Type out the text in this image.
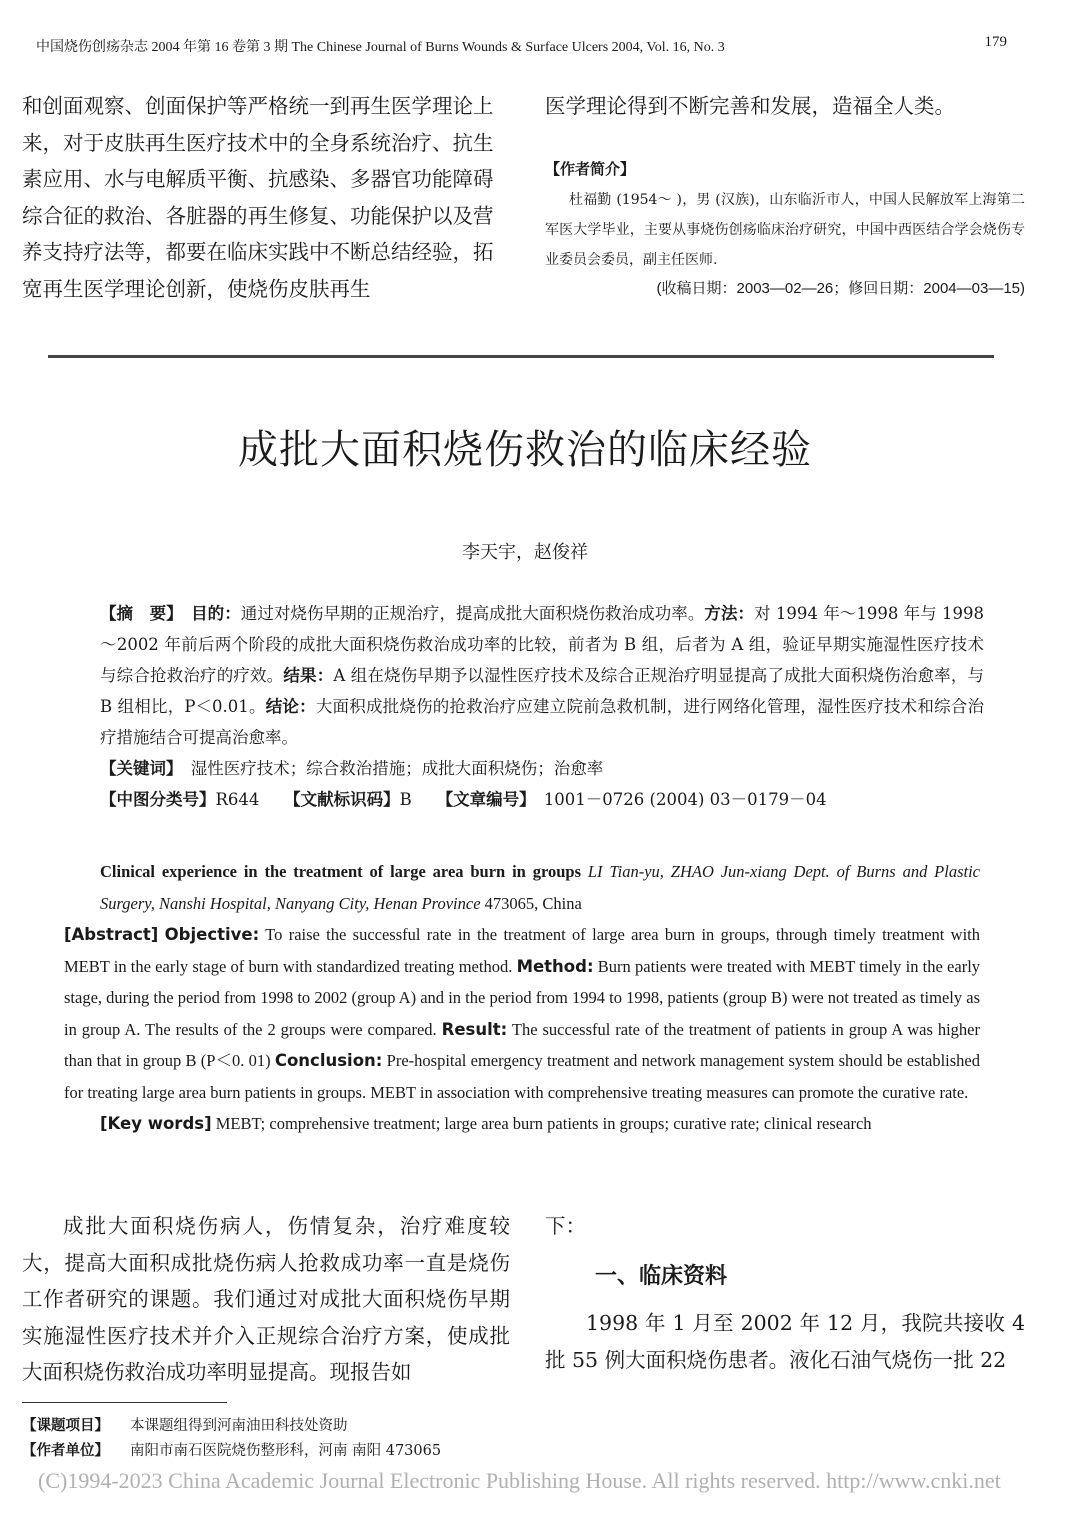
中国烧伤创疡杂志 2004 年第 16 卷第 3 期 The Chinese Journal of Burns Wounds & Surface Ulcers 2004, Vol. 16, No. 3	179

和创面观察、创面保护等严格统一到再生医学理论上来，对于皮肤再生医疗技术中的全身系统治疗、抗生素应用、水与电解质平衡、抗感染、多器官功能障碍综合征的救治、各脏器的再生修复、功能保护以及营养支持疗法等，都要在临床实践中不断总结经验，拓宽再生医学理论创新，使烧伤皮肤再生

医学理论得到不断完善和发展，造福全人类。

【作者简介】

杜福勤 (1954～ )，男 (汉族)，山东临沂市人，中国人民解放军上海第二军医大学毕业，主要从事烧伤创疡临床治疗研究，中国中西医结合学会烧伤专业委员会委员，副主任医师.

(收稿日期：2003—02—26；修回日期：2004—03—15)
成批大面积烧伤救治的临床经验
李天宇，赵俊祥

【摘　要】　 目的：通过对烧伤早期的正规治疗，提高成批大面积烧伤救治成功率。方法：对 1994 年～1998 年与 1998～2002 年前后两个阶段的成批大面积烧伤救治成功率的比较，前者为 B 组，后者为 A 组，验证早期实施湿性医疗技术与综合抢救治疗的疗效。结果：A 组在烧伤早期予以湿性医疗技术及综合正规治疗明显提高了成批大面积烧伤治愈率，与 B 组相比，P＜0.01。结论：大面积成批烧伤的抢救治疗应建立院前急救机制，进行网络化管理，湿性医疗技术和综合治疗措施结合可提高治愈率。

【关键词】　 湿性医疗技术；综合救治措施；成批大面积烧伤；治愈率

【中图分类号】R644　　 【文献标识码】B　　 【文章编号】　 1001－0726 (2004) 03－0179－04

Clinical experience in the treatment of large area burn in groups LI Tian-yu, ZHAO Jun-xiang Dept. of Burns and Plastic Surgery, Nanshi Hospital, Nanyang City, Henan Province 473065, China

[Abstract] Objective: To raise the successful rate in the treatment of large area burn in groups, through timely treatment with MEBT in the early stage of burn with standardized treating method. Method: Burn patients were treated with MEBT timely in the early stage, during the period from 1998 to 2002 (group A) and in the period from 1994 to 1998, patients (group B) were not treated as timely as in group A. The results of the 2 groups were compared. Result: The successful rate of the treatment of patients in group A was higher than that in group B (P＜0. 01) Conclusion: Pre-hospital emergency treatment and network management system should be established for treating large area burn patients in groups. MEBT in association with comprehensive treating measures can promote the curative rate.

[Key words] MEBT; comprehensive treatment; large area burn patients in groups; curative rate; clinical research

成批大面积烧伤病人，伤情复杂，治疗难度较大，提高大面积成批烧伤病人抢救成功率一直是烧伤工作者研究的课题。我们通过对成批大面积烧伤早期实施湿性医疗技术并介入正规综合治疗方案，使成批大面积烧伤救治成功率明显提高。现报告如

下：

一、临床资料

1998 年 1 月至 2002 年 12 月，我院共接收 4 批 55 例大面积烧伤患者。液化石油气烧伤一批 22

【课题项目】	本课题组得到河南油田科技处资助
【作者单位】	南阳市南石医院烧伤整形科，河南 南阳 473065
(C)1994-2023 China Academic Journal Electronic Publishing House. All rights reserved. http://www.cnki.net
